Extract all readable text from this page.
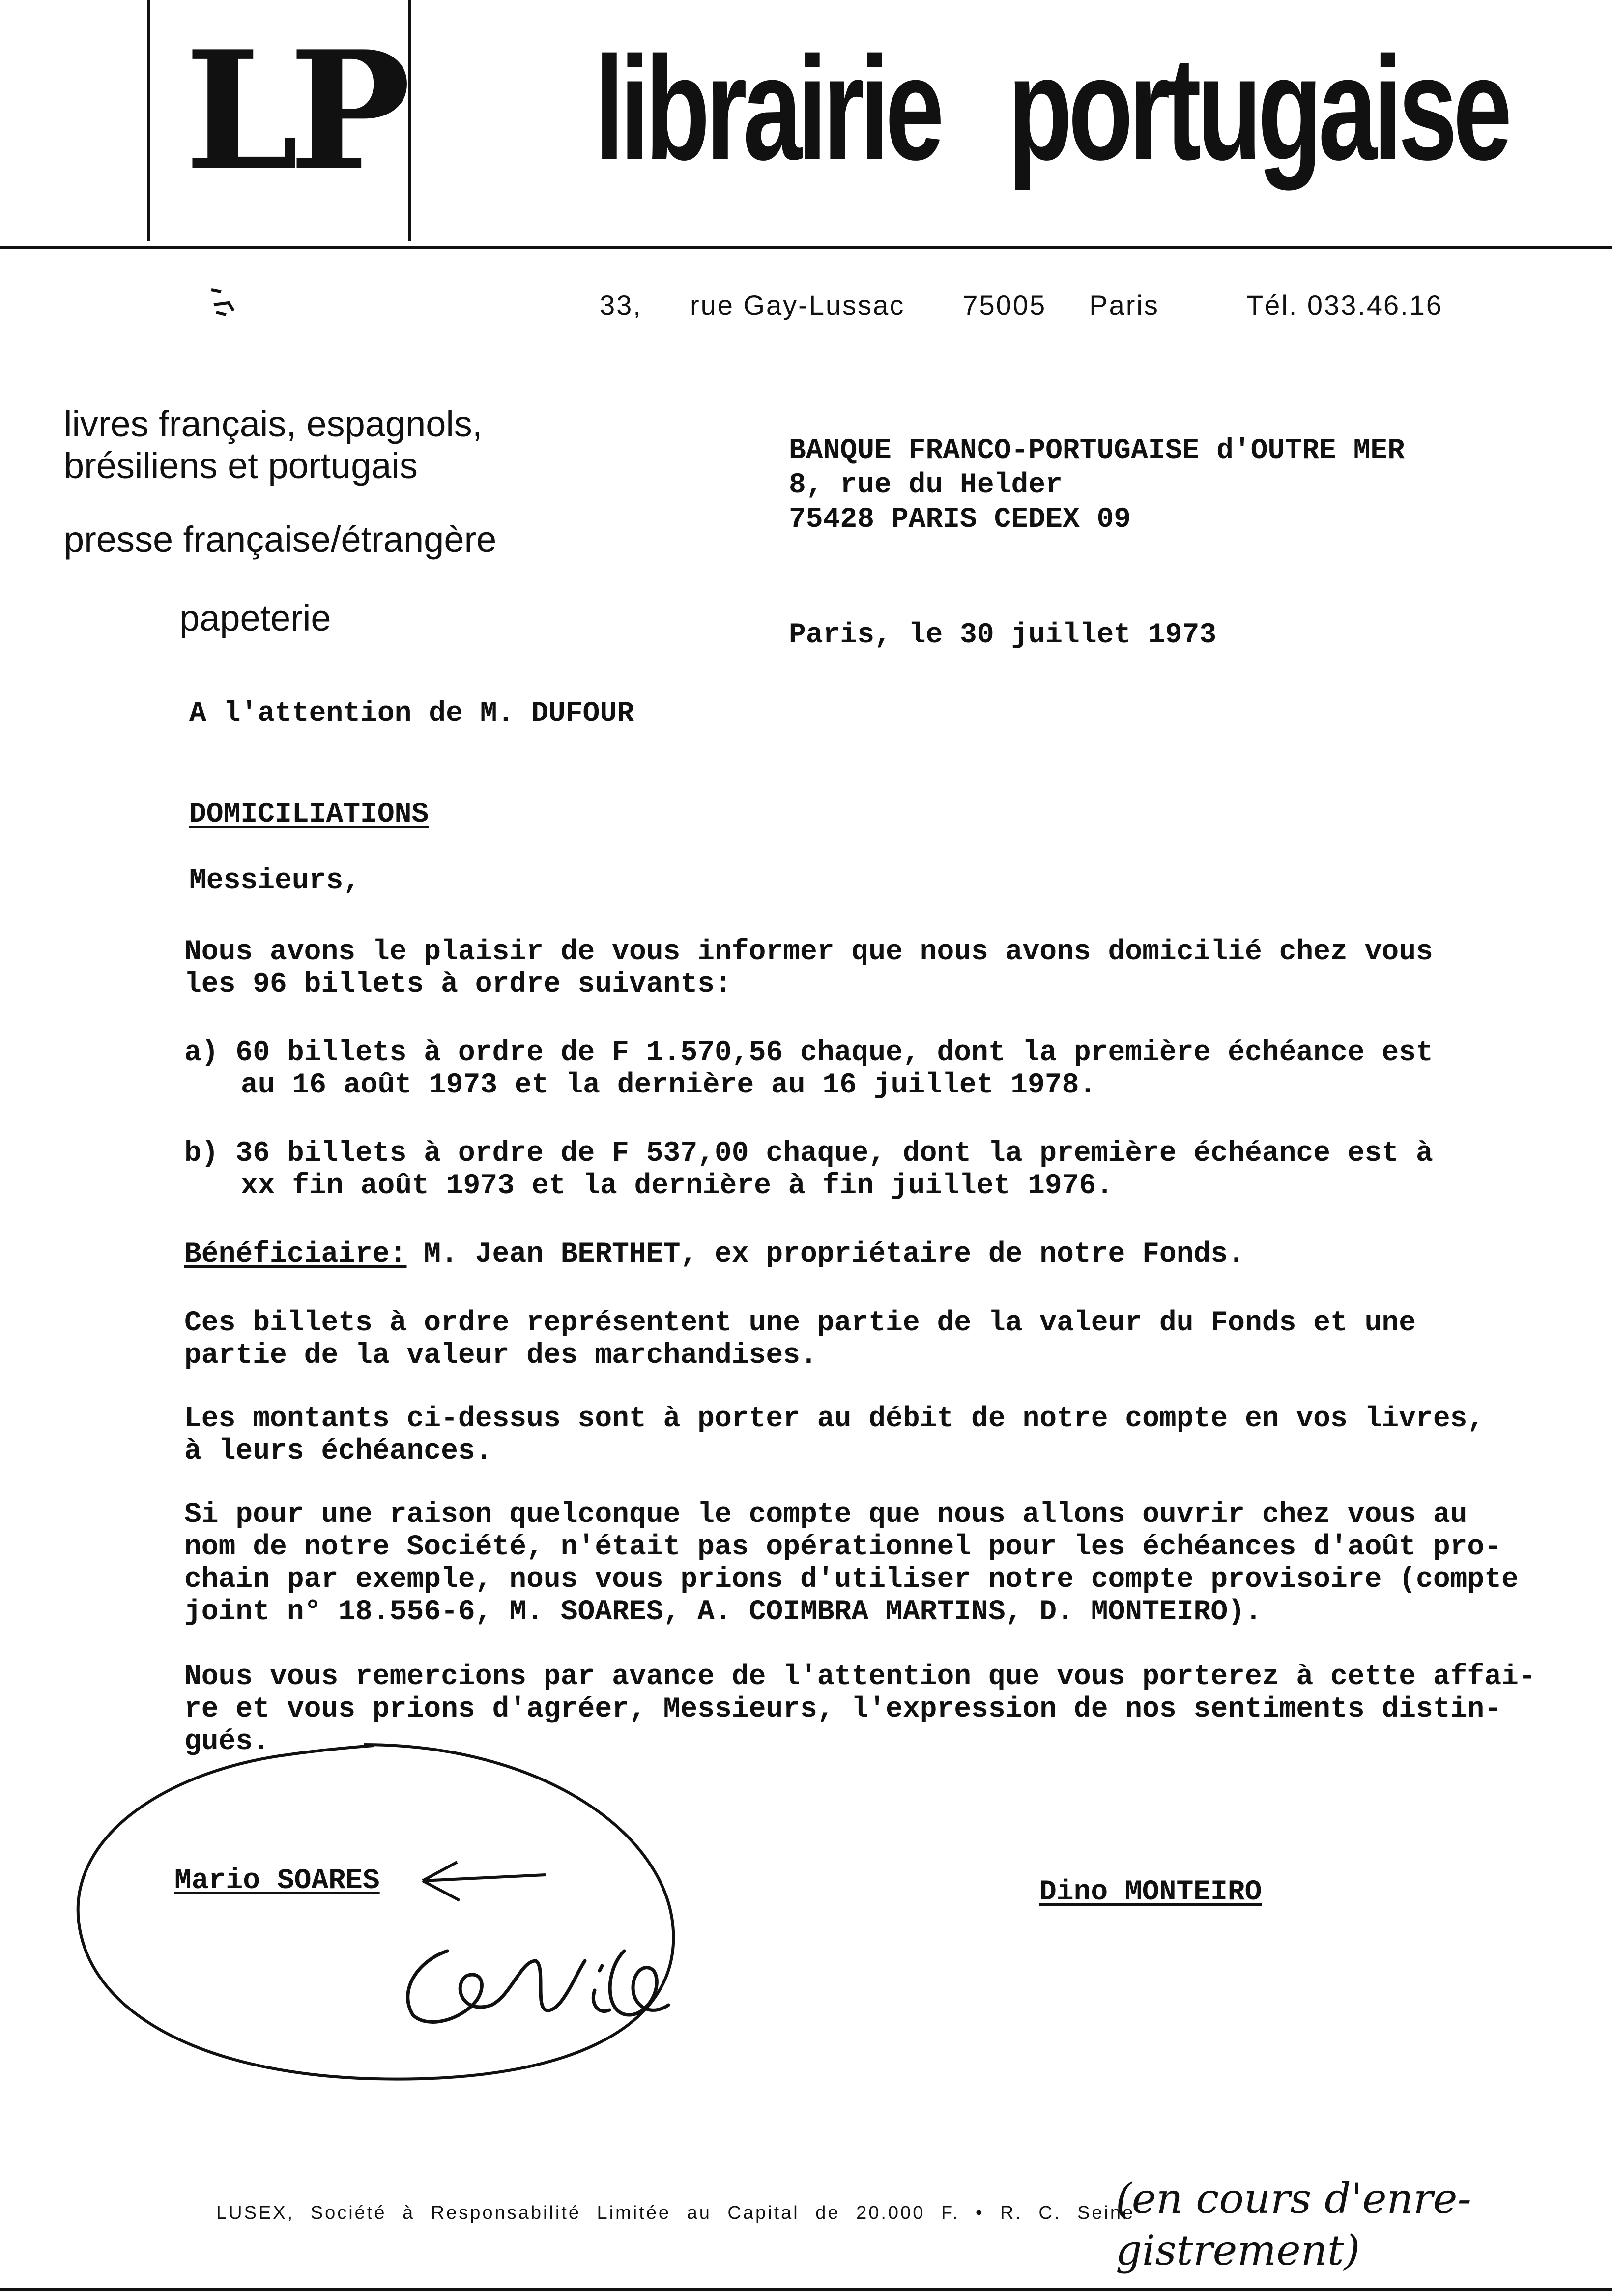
LP librairie portugaise
33, rue Gay-Lussac 75005 Paris	Tél. 033.46.16
livres français, espagnols,
brésiliens et portugais
presse française/étrangère
papeterie
BANQUE FRANCO-PORTUGAISE d'OUTRE MER
8, rue du Helder
75428 PARIS CEDEX 09
Paris, le 30 juillet 1973
A l'attention de M. DUFOUR
DOMICILIATIONS
Messieurs,
Nous avons le plaisir de vous informer que nous avons domicilié chez vous
les 96 billets à ordre suivants:
a) 60 billets à ordre de F 1.570,56 chaque, dont la première échéance est
au 16 août 1973 et la dernière au 16 juillet 1978.
b) 36 billets à ordre de F 537,00 chaque, dont la première échéance est à
xx fin août 1973 et la dernière à fin juillet 1976.
Bénéficiaire: M. Jean BERTHET, ex propriétaire de notre Fonds.
Ces billets à ordre représentent une partie de la valeur du Fonds et une
partie de la valeur des marchandises.
Les montants ci-dessus sont à porter au débit de notre compte en vos livres,
à leurs échéances.
Si pour une raison quelconque le compte que nous allons ouvrir chez vous au
nom de notre Société, n'était pas opérationnel pour les échéances d'août pro-
chain par exemple, nous vous prions d'utiliser notre compte provisoire (compte
joint n° 18.556-6, M. SOARES, A. COIMBRA MARTINS, D. MONTEIRO).
Nous vous remercions par avance de l'attention que vous porterez à cette affai-
re et vous prions d'agréer, Messieurs, l'expression de nos sentiments distin-
gués.
Mario SOARES	Dino MONTEIRO
LUSEX, Société à Responsabilité Limitée au Capital de 20.000 F. • R. C. Seine
(en cours d'enre-
gistrement)
